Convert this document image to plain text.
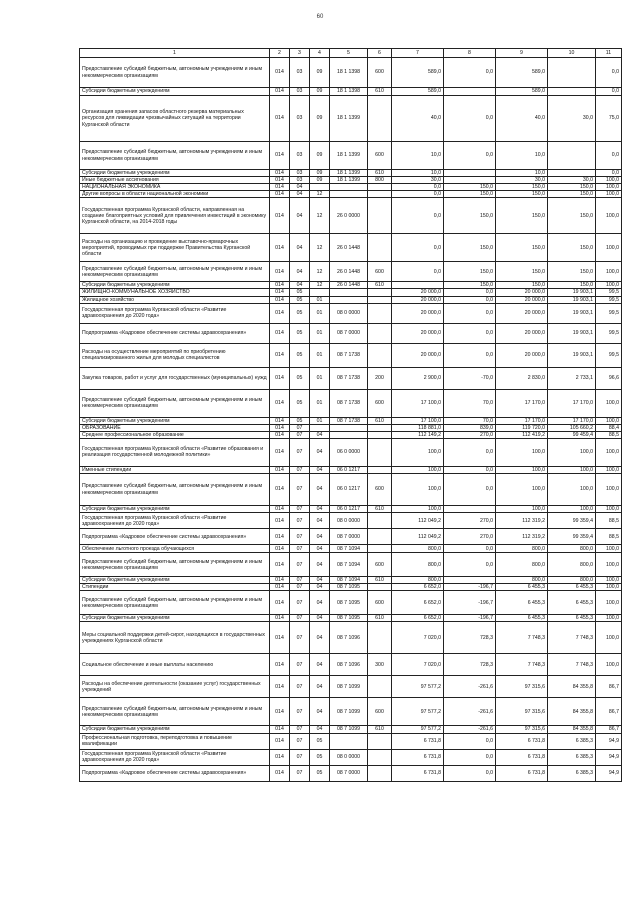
60
1	2	3	4	5	6	7	8	9	10	11
Предоставление субсидий бюджетным, автономным учреждениям и иным некоммерческим организациям	014	03	09	18 1 1398	600	589,0	0,0	589,0		0,0
Субсидии бюджетным учреждениям	014	03	09	18 1 1398	610	589,0		589,0		0,0
Организация хранения запасов областного резерва материальных ресурсов для ликвидации чрезвычайных ситуаций на территории Курганской области	014	03	09	18 1 1399		40,0	0,0	40,0	30,0	75,0
Предоставление субсидий бюджетным, автономным учреждениям и иным некоммерческим организациям	014	03	09	18 1 1399	600	10,0	0,0	10,0		0,0
Субсидии бюджетным учреждениям	014	03	09	18 1 1399	610	10,0		10,0		0,0
Иные бюджетные ассигнования	014	03	09	18 1 1399	800	30,0		30,0	30,0	100,0
НАЦИОНАЛЬНАЯ ЭКОНОМИКА	014	04				0,0	150,0	150,0	150,0	100,0
Другие вопросы в области национальной экономики	014	04	12			0,0	150,0	150,0	150,0	100,0
Государственная программа Курганской области, направленная на создание благоприятных условий для привлечения инвестиций в экономику Курганской области, на 2014-2018 годы	014	04	12	26 0 0000		0,0	150,0	150,0	150,0	100,0
Расходы на организацию и проведение выставочно-ярмарочных мероприятий, проводимых при поддержке Правительства Курганской области	014	04	12	26 0 1448		0,0	150,0	150,0	150,0	100,0
Предоставление субсидий бюджетным, автономным учреждениям и иным некоммерческим организациям	014	04	12	26 0 1448	600	0,0	150,0	150,0	150,0	100,0
Субсидии бюджетным учреждениям	014	04	12	26 0 1448	610		150,0	150,0	150,0	100,0
ЖИЛИЩНО-КОММУНАЛЬНОЕ ХОЗЯЙСТВО	014	05				20 000,0	0,0	20 000,0	19 903,1	99,5
Жилищное хозяйство	014	05	01			20 000,0	0,0	20 000,0	19 903,1	99,5
Государственная программа Курганской области «Развитие здравоохранения до 2020 года»	014	05	01	08 0 0000		20 000,0	0,0	20 000,0	19 903,1	99,5
Подпрограмма «Кадровое обеспечение системы здравоохранения»	014	05	01	08 7 0000		20 000,0	0,0	20 000,0	19 903,1	99,5
Расходы на осуществление мероприятий по приобретению специализированного жилья для молодых специалистов	014	05	01	08 7 1738		20 000,0	0,0	20 000,0	19 903,1	99,5
Закупка товаров, работ и услуг для государственных (муниципальных) нужд	014	05	01	08 7 1738	200	2 900,0	-70,0	2 830,0	2 733,1	96,6
Предоставление субсидий бюджетным, автономным учреждениям и иным некоммерческим организациям	014	05	01	08 7 1738	600	17 100,0	70,0	17 170,0	17 170,0	100,0
Субсидии бюджетным учреждениям	014	05	01	08 7 1738	610	17 100,0	70,0	17 170,0	17 170,0	100,0
ОБРАЗОВАНИЕ	014	07				118 881,0	839,0	119 720,0	105 660,2	88,4
Среднее профессиональное образование	014	07	04			112 149,2	270,0	112 419,2	99 459,4	88,5
Государственная программа Курганской области «Развитие образования и реализация государственной молодежной политики»	014	07	04	06 0 0000		100,0	0,0	100,0	100,0	100,0
Именные стипендии	014	07	04	06 0 1217		100,0	0,0	100,0	100,0	100,0
Предоставление субсидий бюджетным, автономным учреждениям и иным некоммерческим организациям	014	07	04	06 0 1217	600	100,0	0,0	100,0	100,0	100,0
Субсидии бюджетным учреждениям	014	07	04	06 0 1217	610	100,0		100,0	100,0	100,0
Государственная программа Курганской области «Развитие здравоохранения до 2020 года»	014	07	04	08 0 0000		112 049,2	270,0	112 319,2	99 359,4	88,5
Подпрограмма «Кадровое обеспечение системы здравоохранения»	014	07	04	08 7 0000		112 049,2	270,0	112 319,2	99 359,4	88,5
Обеспечение льготного проезда обучающихся	014	07	04	08 7 1094		800,0	0,0	800,0	800,0	100,0
Предоставление субсидий бюджетным, автономным учреждениям и иным некоммерческим организациям	014	07	04	08 7 1094	600	800,0	0,0	800,0	800,0	100,0
Субсидии бюджетным учреждениям	014	07	04	08 7 1094	610	800,0		800,0	800,0	100,0
Стипендии	014	07	04	08 7 1095		6 652,0	-196,7	6 455,3	6 455,3	100,0
Предоставление субсидий бюджетным, автономным учреждениям и иным некоммерческим организациям	014	07	04	08 7 1095	600	6 652,0	-196,7	6 455,3	6 455,3	100,0
Субсидии бюджетным учреждениям	014	07	04	08 7 1095	610	6 652,0	-196,7	6 455,3	6 455,3	100,0
Меры социальной поддержки детей-сирот, находящихся в государственных учреждениях Курганской области	014	07	04	08 7 1096		7 020,0	728,3	7 748,3	7 748,3	100,0
Социальное обеспечение и иные выплаты населению	014	07	04	08 7 1096	300	7 020,0	728,3	7 748,3	7 748,3	100,0
Расходы на обеспечение деятельности (оказание услуг) государственных учреждений	014	07	04	08 7 1099		97 577,2	-261,6	97 315,6	84 355,8	86,7
Предоставление субсидий бюджетным, автономным учреждениям и иным некоммерческим организациям	014	07	04	08 7 1099	600	97 577,2	-261,6	97 315,6	84 355,8	86,7
Субсидии бюджетным учреждениям	014	07	04	08 7 1099	610	97 577,2	-261,6	97 315,6	84 355,8	86,7
Профессиональная подготовка, переподготовка и повышение квалификации	014	07	05			6 731,8	0,0	6 731,8	6 385,3	94,9
Государственная программа Курганской области «Развитие здравоохранения до 2020 года»	014	07	05	08 0 0000		6 731,8	0,0	6 731,8	6 385,3	94,9
Подпрограмма «Кадровое обеспечение системы здравоохранения»	014	07	05	08 7 0000		6 731,8	0,0	6 731,8	6 385,3	94,9
